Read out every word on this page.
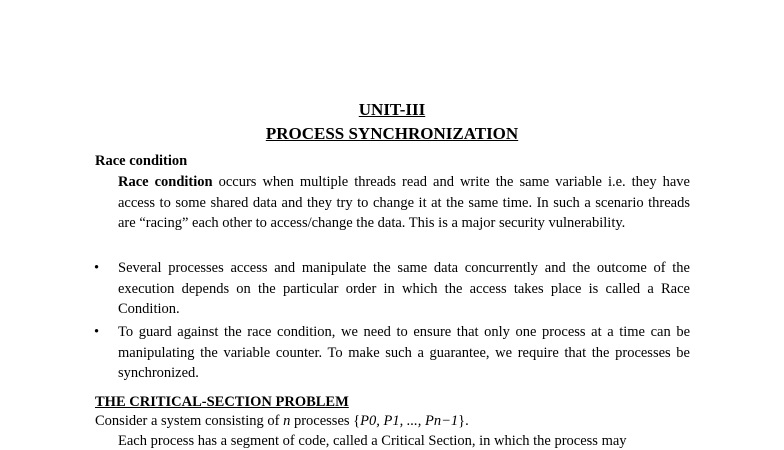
UNIT-III
PROCESS SYNCHRONIZATION

Race condition

Race condition occurs when multiple threads read and write the same variable i.e. they have access to some shared data and they try to change it at the same time. In such a scenario threads are “racing” each other to access/change the data. This is a major security vulnerability.

• Several processes access and manipulate the same data concurrently and the outcome of the execution depends on the particular order in which the access takes place is called a Race Condition.

• To guard against the race condition, we need to ensure that only one process at a time can be manipulating the variable counter. To make such a guarantee, we require that the processes be synchronized.

THE CRITICAL-SECTION PROBLEM

Consider a system consisting of n processes {P0, P1, ..., Pn−1}.

Each process has a segment of code, called a Critical Section, in which the process may
